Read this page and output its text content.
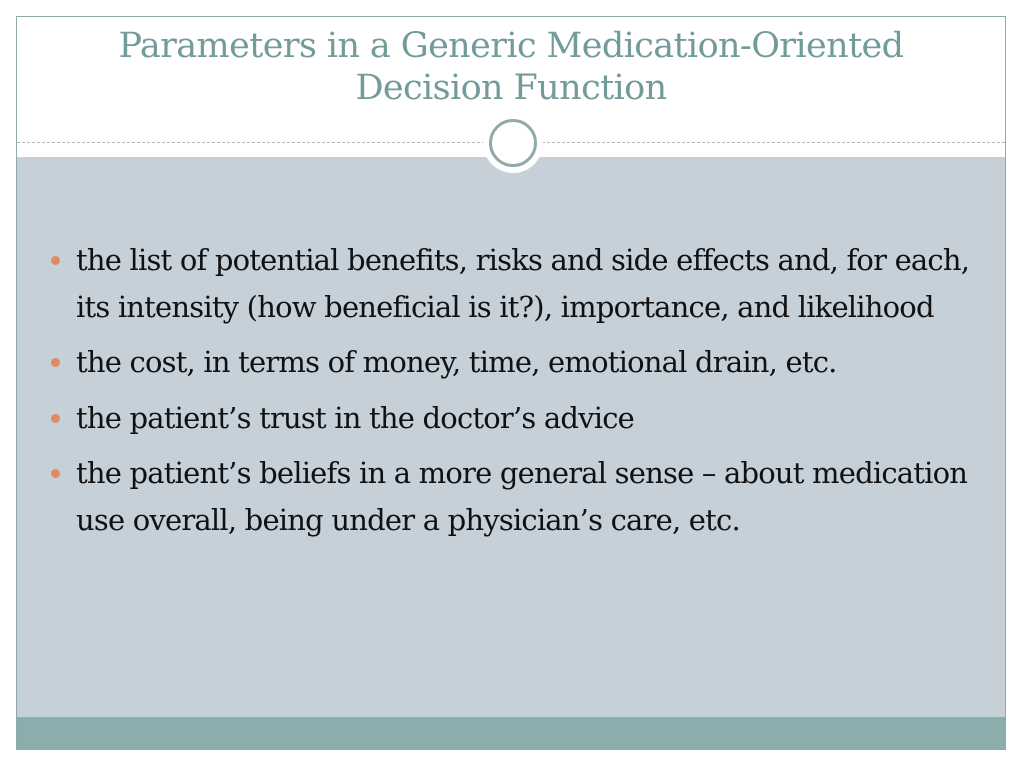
Parameters in a Generic Medication-Oriented
Decision Function
the list of potential benefits, risks and side effects and, for each, its intensity (how beneficial is it?), importance, and likelihood
the cost, in terms of money, time, emotional drain, etc.
the patient’s trust in the doctor’s advice
the patient’s beliefs in a more general sense – about medication use overall, being under a physician’s care, etc.
